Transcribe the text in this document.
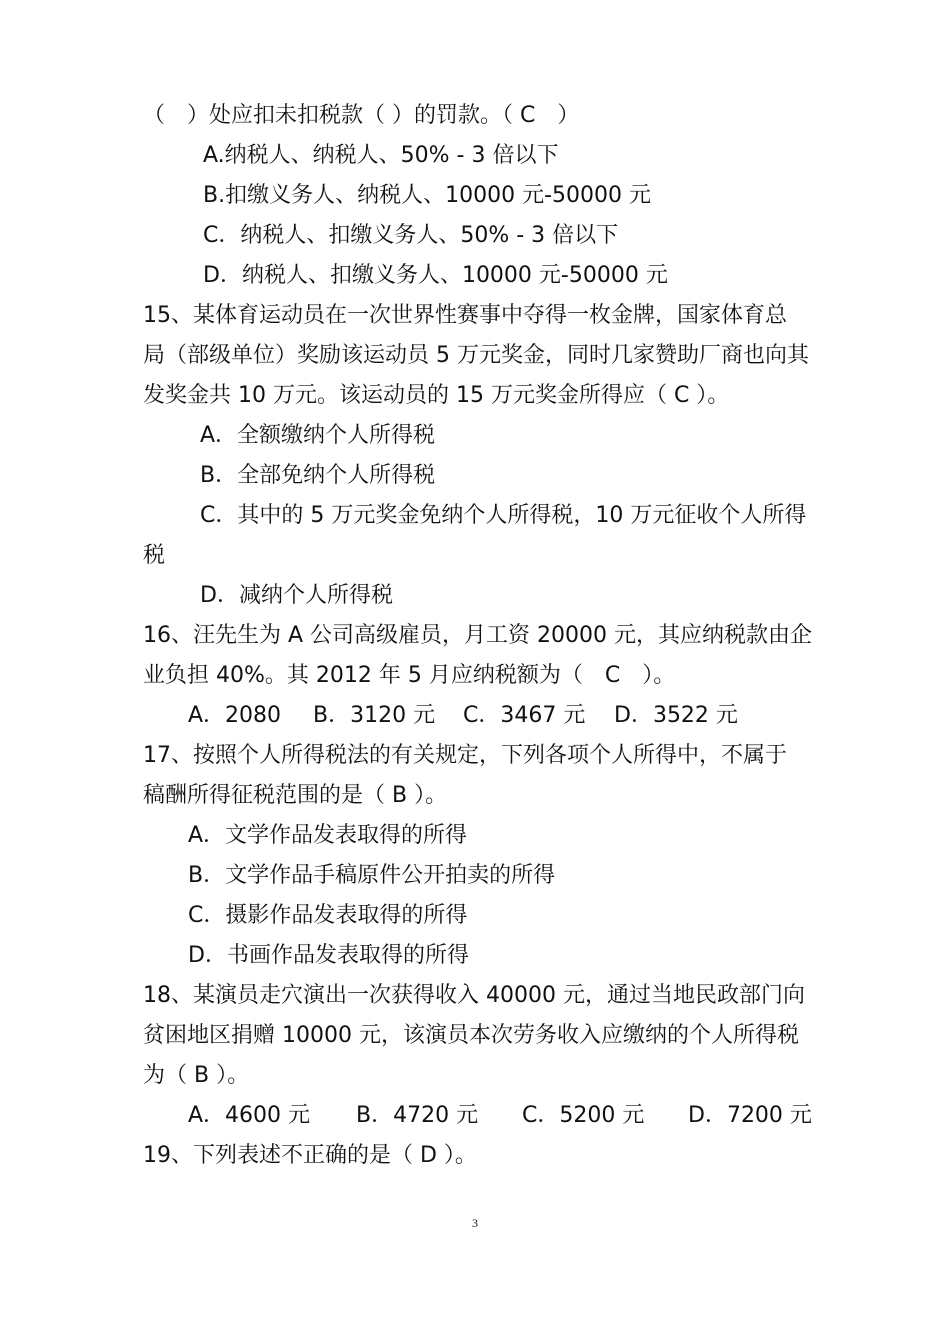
（　）处应扣未扣税款（ ）的罚款。（ C　）
A.纳税人、纳税人、50% - 3 倍以下
B.扣缴义务人、纳税人、10000 元-50000 元
C．纳税人、扣缴义务人、50% - 3 倍以下
D．纳税人、扣缴义务人、10000 元-50000 元
15、某体育运动员在一次世界性赛事中夺得一枚金牌，国家体育总
局（部级单位）奖励该运动员 5 万元奖金，同时几家赞助厂商也向其
发奖金共 10 万元。该运动员的 15 万元奖金所得应（ C ）。
A．全额缴纳个人所得税
B．全部免纳个人所得税
C．其中的 5 万元奖金免纳个人所得税，10 万元征收个人所得
税
D．减纳个人所得税
16、汪先生为 A 公司高级雇员，月工资 20000 元，其应纳税款由企
业负担 40%。其 2012 年 5 月应纳税额为（　C　）。
A．2080 B．3120 元 C．3467 元 D．3522 元
17、按照个人所得税法的有关规定，下列各项个人所得中，不属于
稿酬所得征税范围的是（ B ）。
A．文学作品发表取得的所得
B．文学作品手稿原件公开拍卖的所得
C．摄影作品发表取得的所得
D．书画作品发表取得的所得
18、某演员走穴演出一次获得收入 40000 元，通过当地民政部门向
贫困地区捐赠 10000 元，该演员本次劳务收入应缴纳的个人所得税
为（ B ）。
A．4600 元 B．4720 元 C．5200 元 D．7200 元
19、下列表述不正确的是（ D ）。
3
